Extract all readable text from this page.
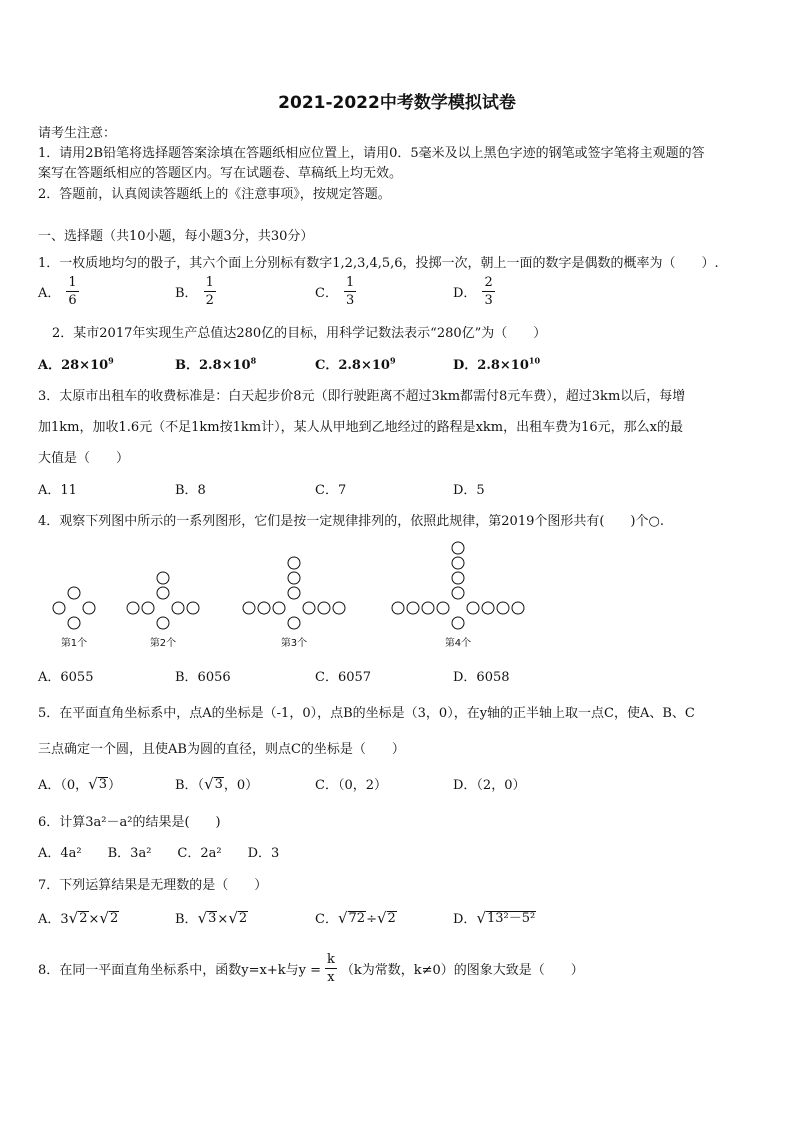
2021-2022中考数学模拟试卷
请考生注意：
1．请用2B铅笔将选择题答案涂填在答题纸相应位置上，请用0．5毫米及以上黑色字迹的钢笔或签字笔将主观题的答
案写在答题纸相应的答题区内。写在试题卷、草稿纸上均无效。
2．答题前，认真阅读答题纸上的《注意事项》，按规定答题。
一、选择题（共10小题，每小题3分，共30分）
1．一枚质地均匀的骰子，其六个面上分别标有数字1,2,3,4,5,6，投掷一次，朝上一面的数字是偶数的概率为（　　）.
A． $\frac{1}{6}$	B． $\frac{1}{2}$	C． $\frac{1}{3}$	D． $\frac{2}{3}$
2．某市2017年实现生产总值达280亿的目标，用科学记数法表示“280亿”为（　　）
A．$28\times 10^9$	B．$2.8\times 10^8$	C．$2.8\times 10^9$	D．$2.8\times 10^{10}$
3．太原市出租车的收费标准是：白天起步价8元（即行驶距离不超过3km都需付8元车费），超过3km以后，每增
加1km，加收1.6元（不足1km按1km计），某人从甲地到乙地经过的路程是xkm，出租车费为16元，那么x的最
大值是（　　）
A．11	B．8	C．7	D．5
4．观察下列图中所示的一系列图形，它们是按一定规律排列的，依照此规律，第2019个图形共有(　　)个○.
第1个	第2个	第3个	第4个
A．6055	B．6056	C．6057	D．6058
5．在平面直角坐标系中，点A的坐标是（-1，0），点B的坐标是（3，0），在y轴的正半轴上取一点C，使A、B、C
三点确定一个圆，且使AB为圆的直径，则点C的坐标是（　　）
A．（0， √ 3 ）	B．（ √ 3 ，0）	C．（0，2）	D．（2，0）
6．计算3a²－a²的结果是(　　)
A．4a²　　B．3a²　　C．2a²　　D．3
7．下列运算结果是无理数的是（　　）
A．3 √ 2 × √ 2	B． √ 3 × √ 2	C． √ 72 ÷ √ 2	D． √ 13²－5²
8．在同一平面直角坐标系中，函数y=x+k与$y = \frac{k}{x} (k$为常数，k≠0）的图象大致是（　　）
